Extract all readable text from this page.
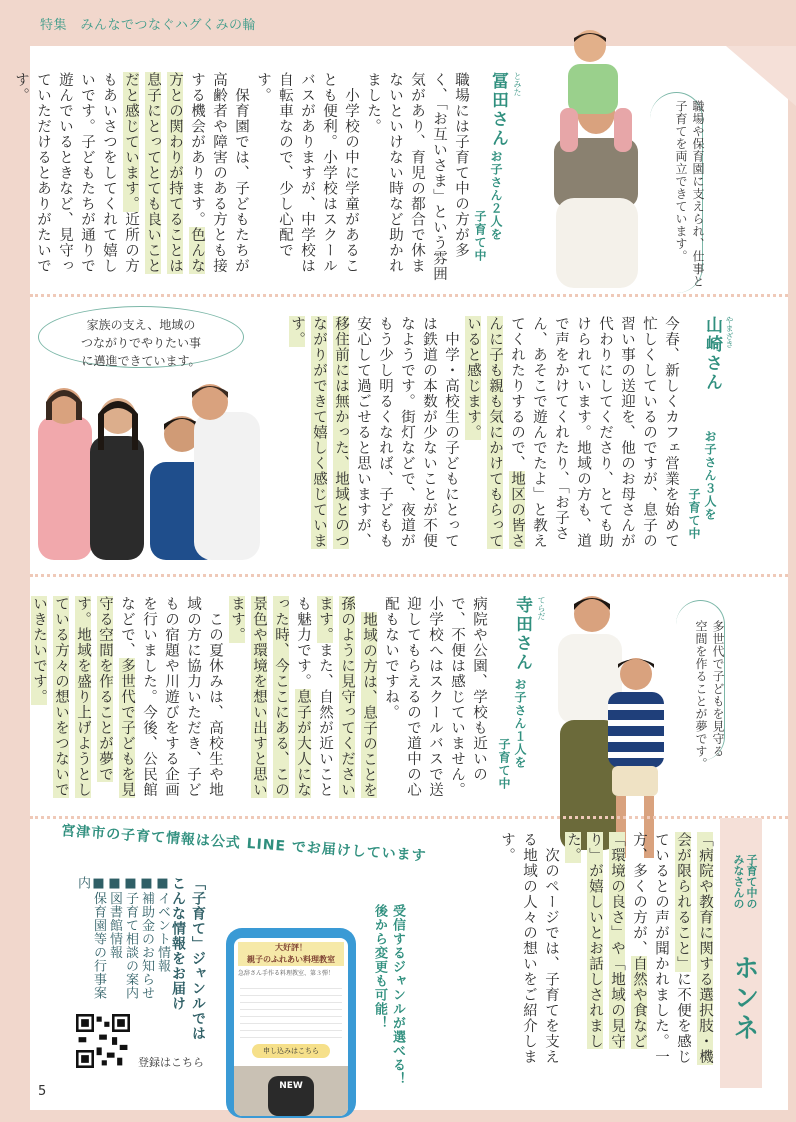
特集　みんなでつなぐハグくみの輪
5
冨田さん とみた
お子さん２人を
子育て中
職場には子育て中の方が多く、「お互いさま」という雰囲気があり、育児の都合で休まないといけない時など助かれました。
　小学校の中に学童があることも便利。小学校はスクールバスがありますが、中学校は自転車なので、少し心配です。
　保育園では、子どもたちが高齢者や障害のある方とも接する機会があります。色んな方との関わりが持てることは息子にとってとても良いことだと感じています。近所の方もあいさつをしてくれて嬉しいです。子どもたちが通りで遊んでいるときなど、見守っていただけるとありがたいです。
職場や保育園に支えられ、仕事と
子育てを両立できています。
家族の支え、地域の
つながりでやりたい事
に邁進できています。	山崎さん やまざき
お子さん３人を
子育て中
今春、新しくカフェ営業を始めて忙しくしているのですが、息子の習い事の送迎を、他のお母さんが代わりにしてくださり、とても助けられています。地域の方も、道で声をかけてくれたり、「お子さん、あそこで遊んでたよ」と教えてくれたりするので、地区の皆さんに子も親も気にかけてもらっていると感じます。
　中学・高校生の子どもにとっては鉄道の本数が少ないことが不便なようです。街灯などで、夜道がもう少し明るくなれば、子どもも安心して過ごせると思いますが、移住前には無かった、地域とのつながりができて嬉しく感じています。
寺田さん てらだ
お子さん１人を
子育て中
病院や公園、学校も近いので、不便は感じていません。小学校へはスクールバスで送迎してもらえるので道中の心配もないですね。
　地域の方は、息子のことを孫のように見守ってくださいます。また、自然が近いことも魅力です。息子が大人になった時、今ここにある、この景色や環境を想い出すと思います。
　この夏休みは、高校生や地域の方に協力いただき、子どもの宿題や川遊びをする企画を行いました。今後、公民館などで、多世代で子どもを見守る空間を作ることが夢です。地域を盛り上げようとしている方々の想いをつないでいきたいです。	多世代で子どもを見守る
空間を作ることが夢です。
宮津市の子育て情報は公式 LINE でお届けしています
受信するジャンルが選べる！
後から変更も可能！
「子育て」ジャンルでは
こんな情報をお届け
■イベント情報
■補助金のお知らせ
■子育て相談の案内
■図書館情報
■保育園等の行事案内
登録はこちら
大好評！
親子のふれあい料理教室
急辞さん手作る料理教室、第３弾！
申し込みはこちら
NEW
子育て中の
みなさんの
ホンネ
「病院や教育に関する選択肢・機会が限られること」に不便を感じているとの声が聞かれました。一方、多くの方が、自然や食など「環境の良さ」や「地域の見守り」が嬉しいとお話しされました。
　次のページでは、子育てを支える地域の人々の想いをご紹介します。
